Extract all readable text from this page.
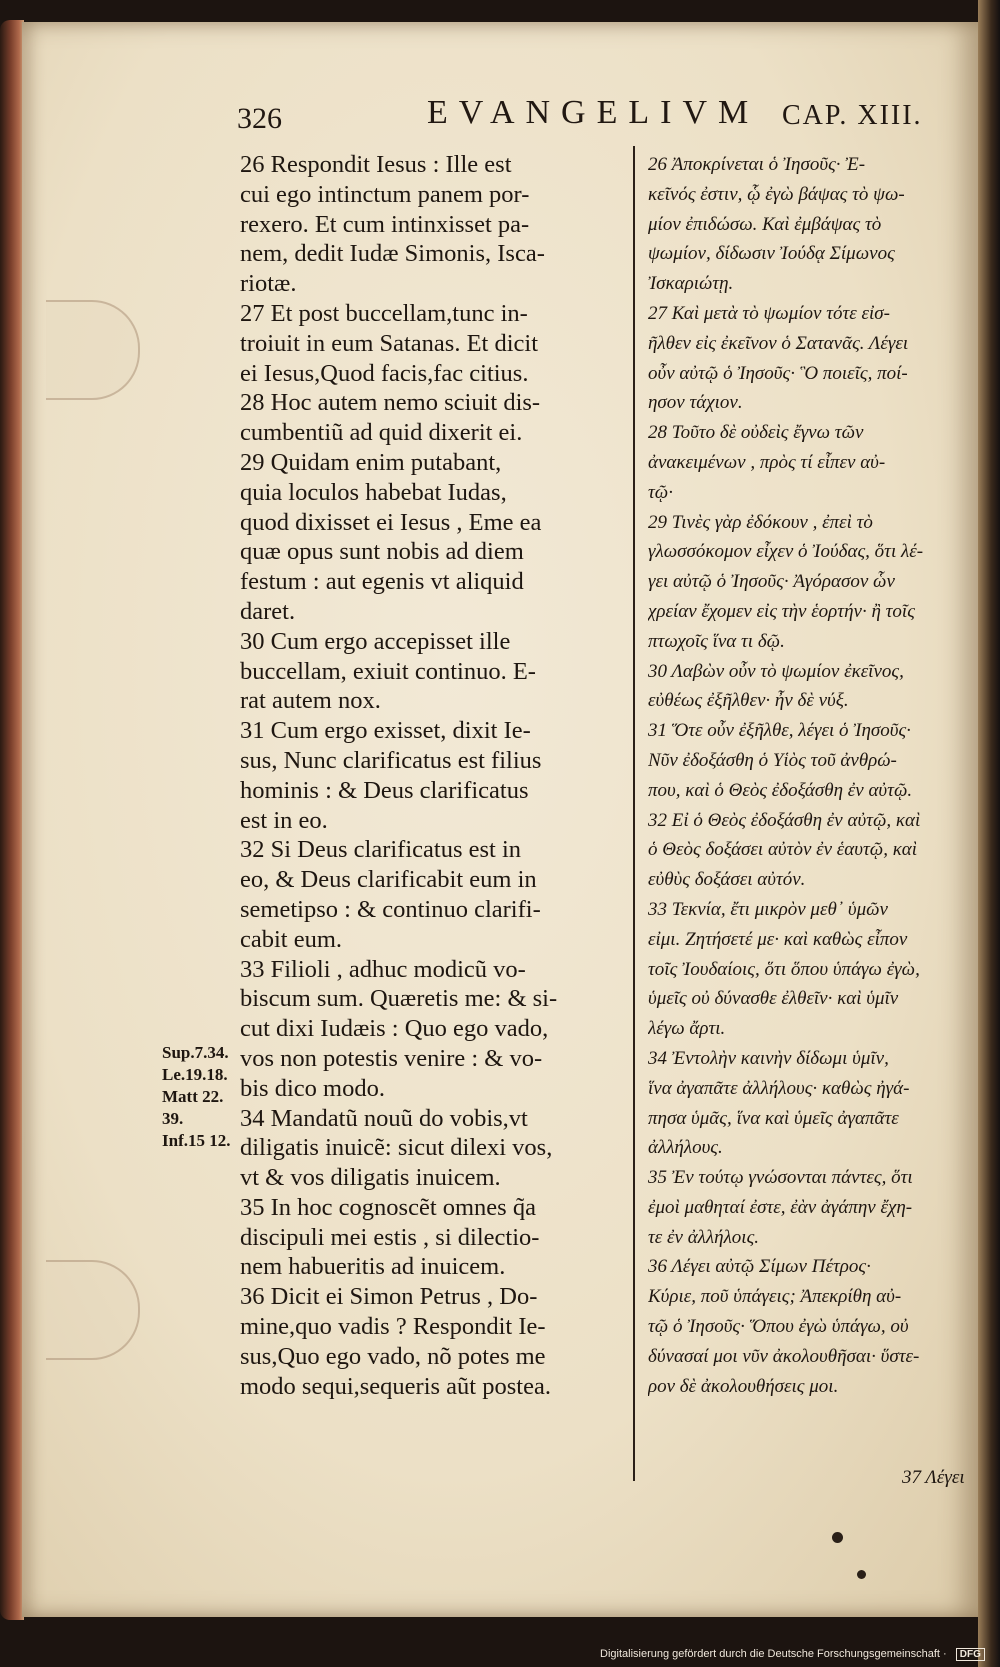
326	EVANGELIVM CAP. XIII.
26 Respondit Iesus : Ille est
cui ego intinctum panem por-
rexero. Et cum intinxisset pa-
nem, dedit Iudæ Simonis, Isca-
riotæ.
27 Et post buccellam,tunc in-
troiuit in eum Satanas. Et dicit
ei Iesus,Quod facis,fac citius.
28 Hoc autem nemo sciuit dis-
cumbentiũ ad quid dixerit ei.
29 Quidam enim putabant,
quia loculos habebat Iudas,
quod dixisset ei Iesus , Eme ea
quæ opus sunt nobis ad diem
festum : aut egenis vt aliquid
daret.
30 Cum ergo accepisset ille
buccellam, exiuit continuo. E-
rat autem nox.
31 Cum ergo exisset, dixit Ie-
sus, Nunc clarificatus est filius
hominis : & Deus clarificatus
est in eo.
32 Si Deus clarificatus est in
eo, & Deus clarificabit eum in
semetipso : & continuo clarifi-
cabit eum.
33 Filioli , adhuc modicũ vo-
biscum sum. Quæretis me: & si-
cut dixi Iudæis : Quo ego vado,
vos non potestis venire : & vo-
bis dico modo.
34 Mandatũ nouũ do vobis,vt
diligatis inuicẽ: sicut dilexi vos,
vt & vos diligatis inuicem.
35 In hoc cognoscẽt omnes q̃a
discipuli mei estis , si dilectio-
nem habueritis ad inuicem.
36 Dicit ei Simon Petrus , Do-
mine,quo vadis ? Respondit Ie-
sus,Quo ego vado, nõ potes me
modo sequi,sequeris aũt postea.
26 Ἀποκρίνεται ὁ Ἰησοῦς· Ἐ-
κεῖνός ἐστιν, ᾧ ἐγὼ βάψας τὸ ψω-
μίον ἐπιδώσω. Καὶ ἐμβάψας τὸ
ψωμίον, δίδωσιν Ἰούδᾳ Σίμωνος
Ἰσκαριώτῃ.
27 Καὶ μετὰ τὸ ψωμίον τότε εἰσ-
ῆλθεν εἰς ἐκεῖνον ὁ Σατανᾶς. Λέγει
οὖν αὐτῷ ὁ Ἰησοῦς· Ὃ ποιεῖς, ποί-
ησον τάχιον.
28 Τοῦτο δὲ οὐδεὶς ἔγνω τῶν
ἀνακειμένων , πρὸς τί εἶπεν αὐ-
τῷ·
29 Τινὲς γὰρ ἐδόκουν , ἐπεὶ τὸ
γλωσσόκομον εἶχεν ὁ Ἰούδας, ὅτι λέ-
γει αὐτῷ ὁ Ἰησοῦς· Ἀγόρασον ὧν
χρείαν ἔχομεν εἰς τὴν ἑορτήν· ἢ τοῖς
πτωχοῖς ἵνα τι δῷ.
30 Λαβὼν οὖν τὸ ψωμίον ἐκεῖνος,
εὐθέως ἐξῆλθεν· ἦν δὲ νύξ.
31 Ὅτε οὖν ἐξῆλθε, λέγει ὁ Ἰησοῦς·
Νῦν ἐδοξάσθη ὁ Υἱὸς τοῦ ἀνθρώ-
που, καὶ ὁ Θεὸς ἐδοξάσθη ἐν αὐτῷ.
32 Εἰ ὁ Θεὸς ἐδοξάσθη ἐν αὐτῷ, καὶ
ὁ Θεὸς δοξάσει αὐτὸν ἐν ἑαυτῷ, καὶ
εὐθὺς δοξάσει αὐτόν.
33 Τεκνία, ἔτι μικρὸν μεθ᾽ ὑμῶν
εἰμι. Ζητήσετέ με· καὶ καθὼς εἶπον
τοῖς Ἰουδαίοις, ὅτι ὅπου ὑπάγω ἐγὼ,
ὑμεῖς οὐ δύνασθε ἐλθεῖν· καὶ ὑμῖν
λέγω ἄρτι.
34 Ἐντολὴν καινὴν δίδωμι ὑμῖν,
ἵνα ἀγαπᾶτε ἀλλήλους· καθὼς ἠγά-
πησα ὑμᾶς, ἵνα καὶ ὑμεῖς ἀγαπᾶτε
ἀλλήλους.
35 Ἐν τούτῳ γνώσονται πάντες, ὅτι
ἐμοὶ μαθηταί ἐστε, ἐὰν ἀγάπην ἔχη-
τε ἐν ἀλλήλοις.
36 Λέγει αὐτῷ Σίμων Πέτρος·
Κύριε, ποῦ ὑπάγεις; Ἀπεκρίθη αὐ-
τῷ ὁ Ἰησοῦς· Ὅπου ἐγὼ ὑπάγω, οὐ
δύνασαί μοι νῦν ἀκολουθῆσαι· ὕστε-
ρον δὲ ἀκολουθήσεις μοι.
Sup.7.34.
Le.19.18.
Matt 22.
39.
Inf.15 12.
37 Λέγει
Digitalisierung gefördert durch die Deutsche Forschungsgemeinschaft · DFG
